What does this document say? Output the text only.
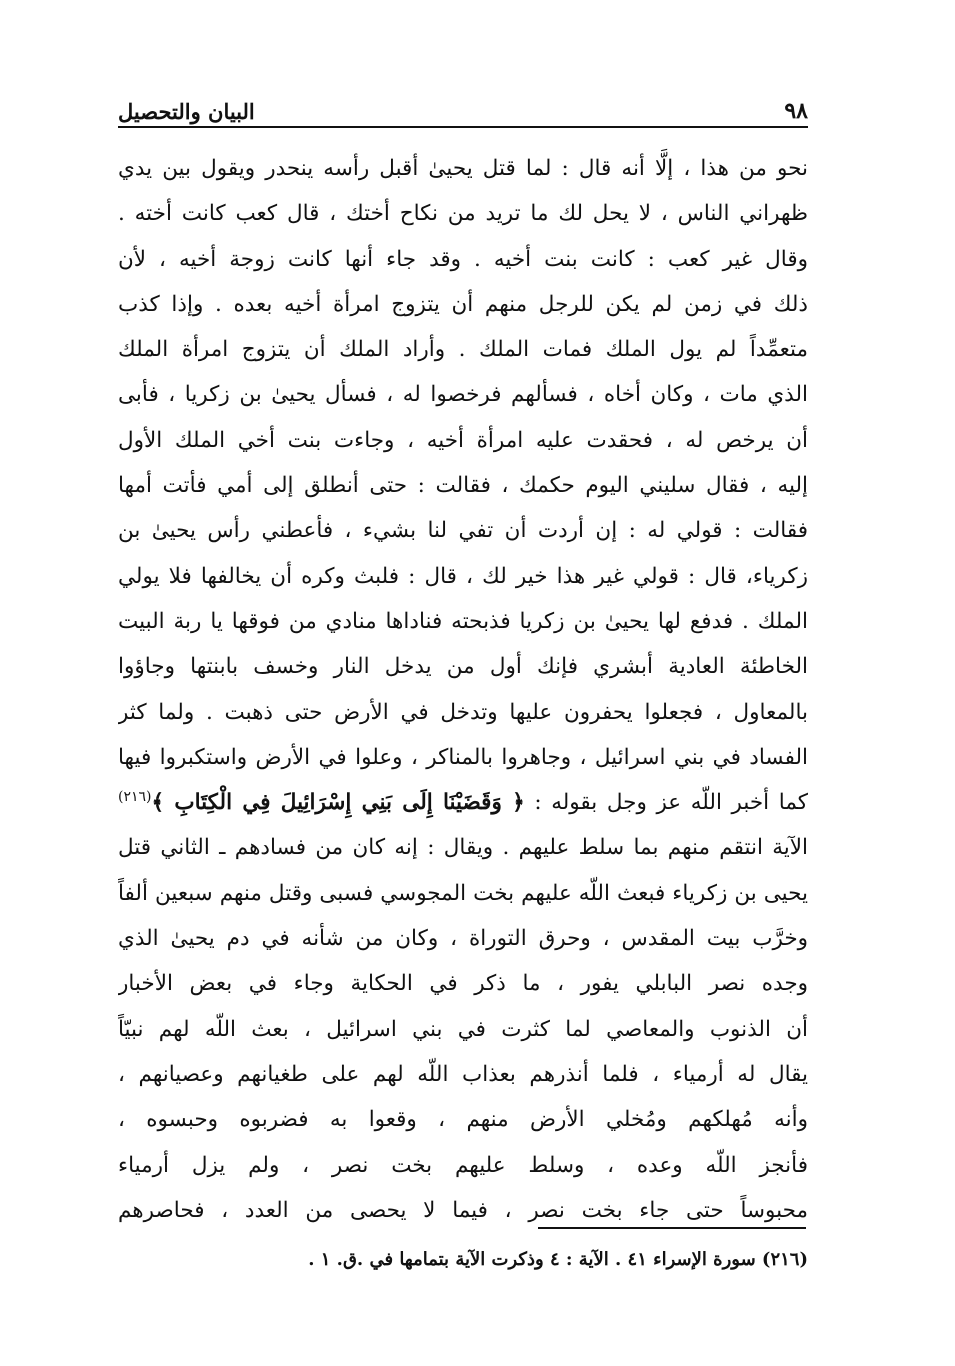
البيان والتحصيل	٩٨
نحو من هذا ، إلَّا أنه قال : لما قتل يحيىٰ أقبل رأسه ينحدر ويقول بين يدي
ظهراني الناس ، لا يحل لك ما تريد من نكاح أختك ، قال كعب كانت أخته .
وقال غير كعب : كانت بنت أخيه . وقد جاء أنها كانت زوجة أخيه ، لأن
ذلك في زمن لم يكن للرجل منهم أن يتزوج امرأة أخيه بعده . وإذا كذب
متعمِّداً لم يول الملك فمات الملك . وأراد الملك أن يتزوج امرأة الملك
الذي مات ، وكان أخاه ، فسألهم فرخصوا له ، فسأل يحيىٰ بن زكريا ، فأبى
أن يرخص له ، فحقدت عليه امرأة أخيه ، وجاءت بنت أخي الملك الأول
إليه ، فقال سليني اليوم حكمك ، فقالت : حتى أنطلق إلى أمي فأتت أمها
فقالت : قولي له : إن أردت أن تفي لنا بشيء ، فأعطني رأس يحيىٰ بن
زكرياء، قال : قولي غير هذا خير لك ، قال : فلبث وكره أن يخالفها فلا يولي
الملك . فدفع لها يحيىٰ بن زكريا فذبحته فناداها منادي من فوقها يا ربة البيت
الخاطئة العادية أبشري فإنك أول من يدخل النار وخسف بابنتها وجاؤوا
بالمعاول ، فجعلوا يحفرون عليها وتدخل في الأرض حتى ذهبت . ولما كثر
الفساد في بني اسرائيل ، وجاهروا بالمناكر ، وعلوا في الأرض واستكبروا فيها
كما أخبر اللّه عز وجل بقوله : ﴿ وَقَضَيْنَا إِلَى بَنِي إِسْرَائِيلَ فِي الْكِتَابِ ﴾$^{(٢١٦)}$
الآية انتقم منهم بما سلط عليهم . ويقال : إنه كان من فسادهم ـ الثاني قتل
يحيى بن زكرياء فبعث اللّه عليهم بخت المجوسي فسبى وقتل منهم سبعين ألفاً
وخرَّب بيت المقدس ، وحرق التوراة ، وكان من شأنه في دم يحيىٰ الذي
وجده نصر البابلي يفور ، ما ذكر في الحكاية وجاء في بعض الأخبار
أن الذنوب والمعاصي لما كثرت في بني اسرائيل ، بعث اللّه لهم نبيّاً
يقال له أرمياء ، فلما أنذرهم بعذاب اللّه لهم على طغيانهم وعصيانهم ،
وأنه مُهلكهم ومُخلي الأرض منهم ، وقعوا به فضربوه وحبسوه ،
فأنجز اللّه وعده ، وسلط عليهم بخت نصر ، ولم يزل أرمياء
محبوساً حتى جاء بخت نصر ، فيما لا يحصى من العدد ، فحاصرهم

(٢١٦) سورة الإسراء ٤١ . الآية : ٤ وذكرت الآية بتمامها في .ق. ١ .
